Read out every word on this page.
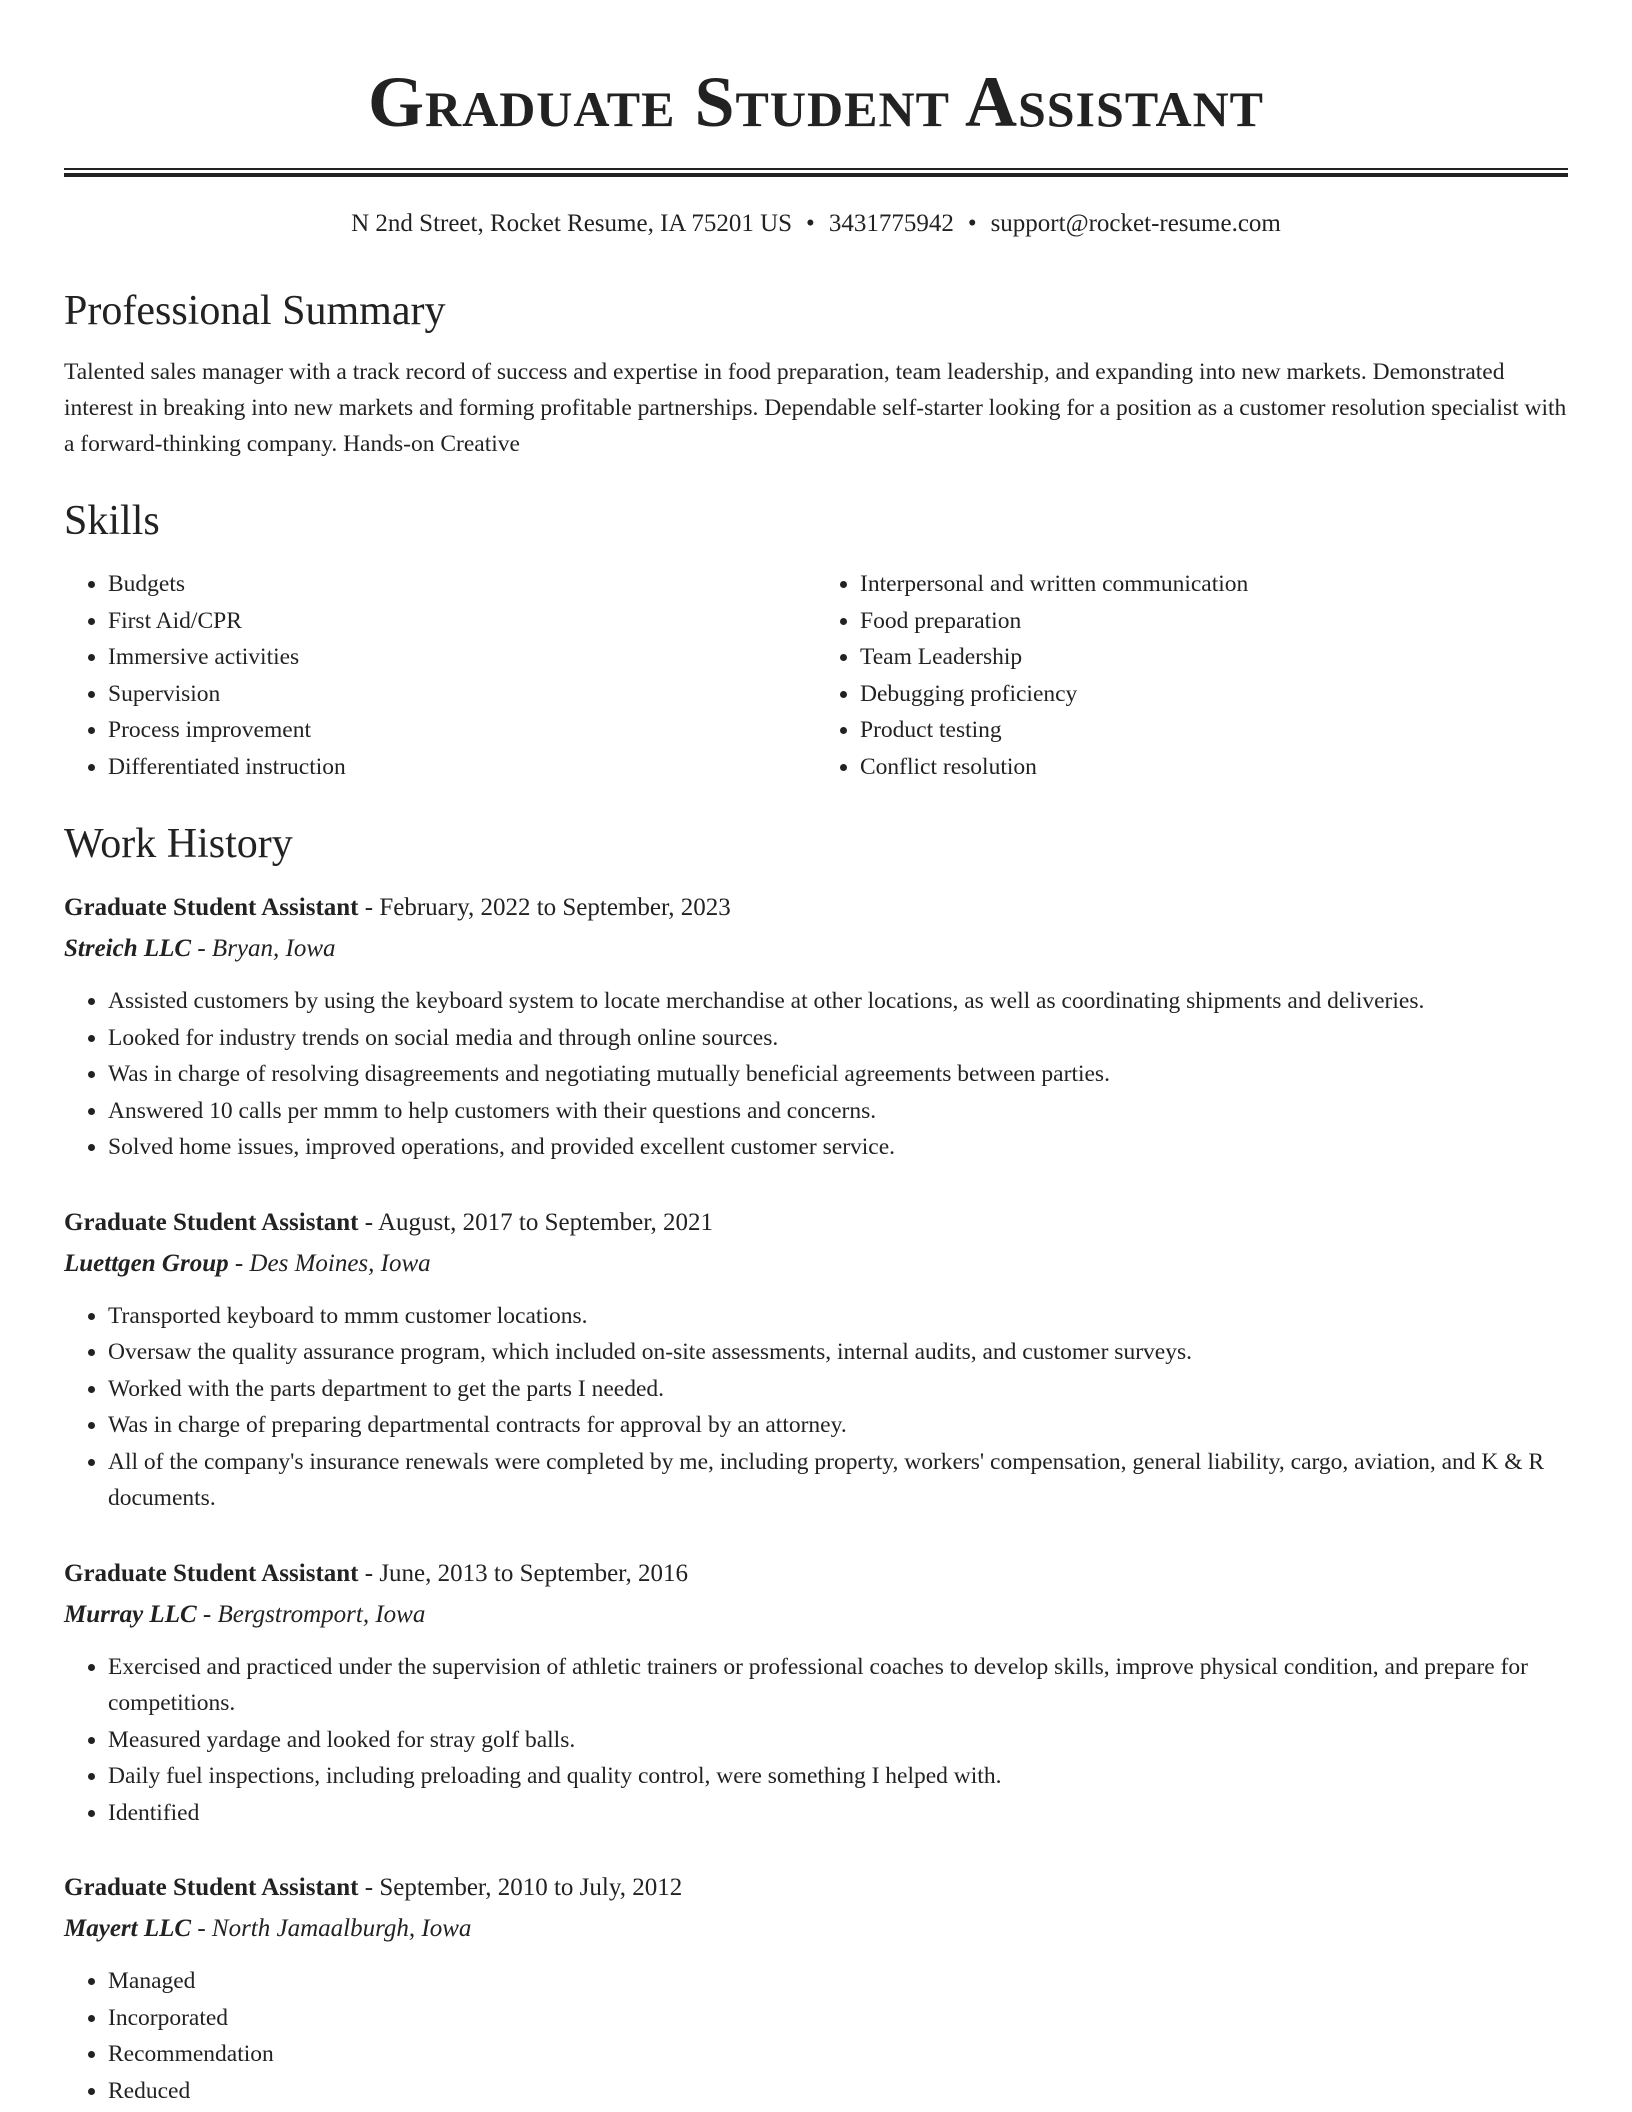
Graduate Student Assistant
N 2nd Street, Rocket Resume, IA 75201 US • 3431775942 • support@rocket-resume.com
Professional Summary

Talented sales manager with a track record of success and expertise in food preparation, team leadership, and expanding into new markets. Demonstrated interest in breaking into new markets and forming profitable partnerships. Dependable self-starter looking for a position as a customer resolution specialist with a forward-thinking company. Hands-on Creative

Skills
• Budgets
• First Aid/CPR
• Immersive activities
• Supervision
• Process improvement
• Differentiated instruction
• Interpersonal and written communication
• Food preparation
• Team Leadership
• Debugging proficiency
• Product testing
• Conflict resolution
Work History
Graduate Student Assistant - February, 2022 to September, 2023
Streich LLC - Bryan, Iowa
• Assisted customers by using the keyboard system to locate merchandise at other locations, as well as coordinating shipments and deliveries.
• Looked for industry trends on social media and through online sources.
• Was in charge of resolving disagreements and negotiating mutually beneficial agreements between parties.
• Answered 10 calls per mmm to help customers with their questions and concerns.
• Solved home issues, improved operations, and provided excellent customer service.
Graduate Student Assistant - August, 2017 to September, 2021
Luettgen Group - Des Moines, Iowa
• Transported keyboard to mmm customer locations.
• Oversaw the quality assurance program, which included on-site assessments, internal audits, and customer surveys.
• Worked with the parts department to get the parts I needed.
• Was in charge of preparing departmental contracts for approval by an attorney.
• All of the company's insurance renewals were completed by me, including property, workers' compensation, general liability, cargo, aviation, and K & R documents.
Graduate Student Assistant - June, 2013 to September, 2016
Murray LLC - Bergstromport, Iowa
• Exercised and practiced under the supervision of athletic trainers or professional coaches to develop skills, improve physical condition, and prepare for competitions.
• Measured yardage and looked for stray golf balls.
• Daily fuel inspections, including preloading and quality control, were something I helped with.
• Identified
Graduate Student Assistant - September, 2010 to July, 2012
Mayert LLC - North Jamaalburgh, Iowa
• Managed
• Incorporated
• Recommendation
• Reduced
